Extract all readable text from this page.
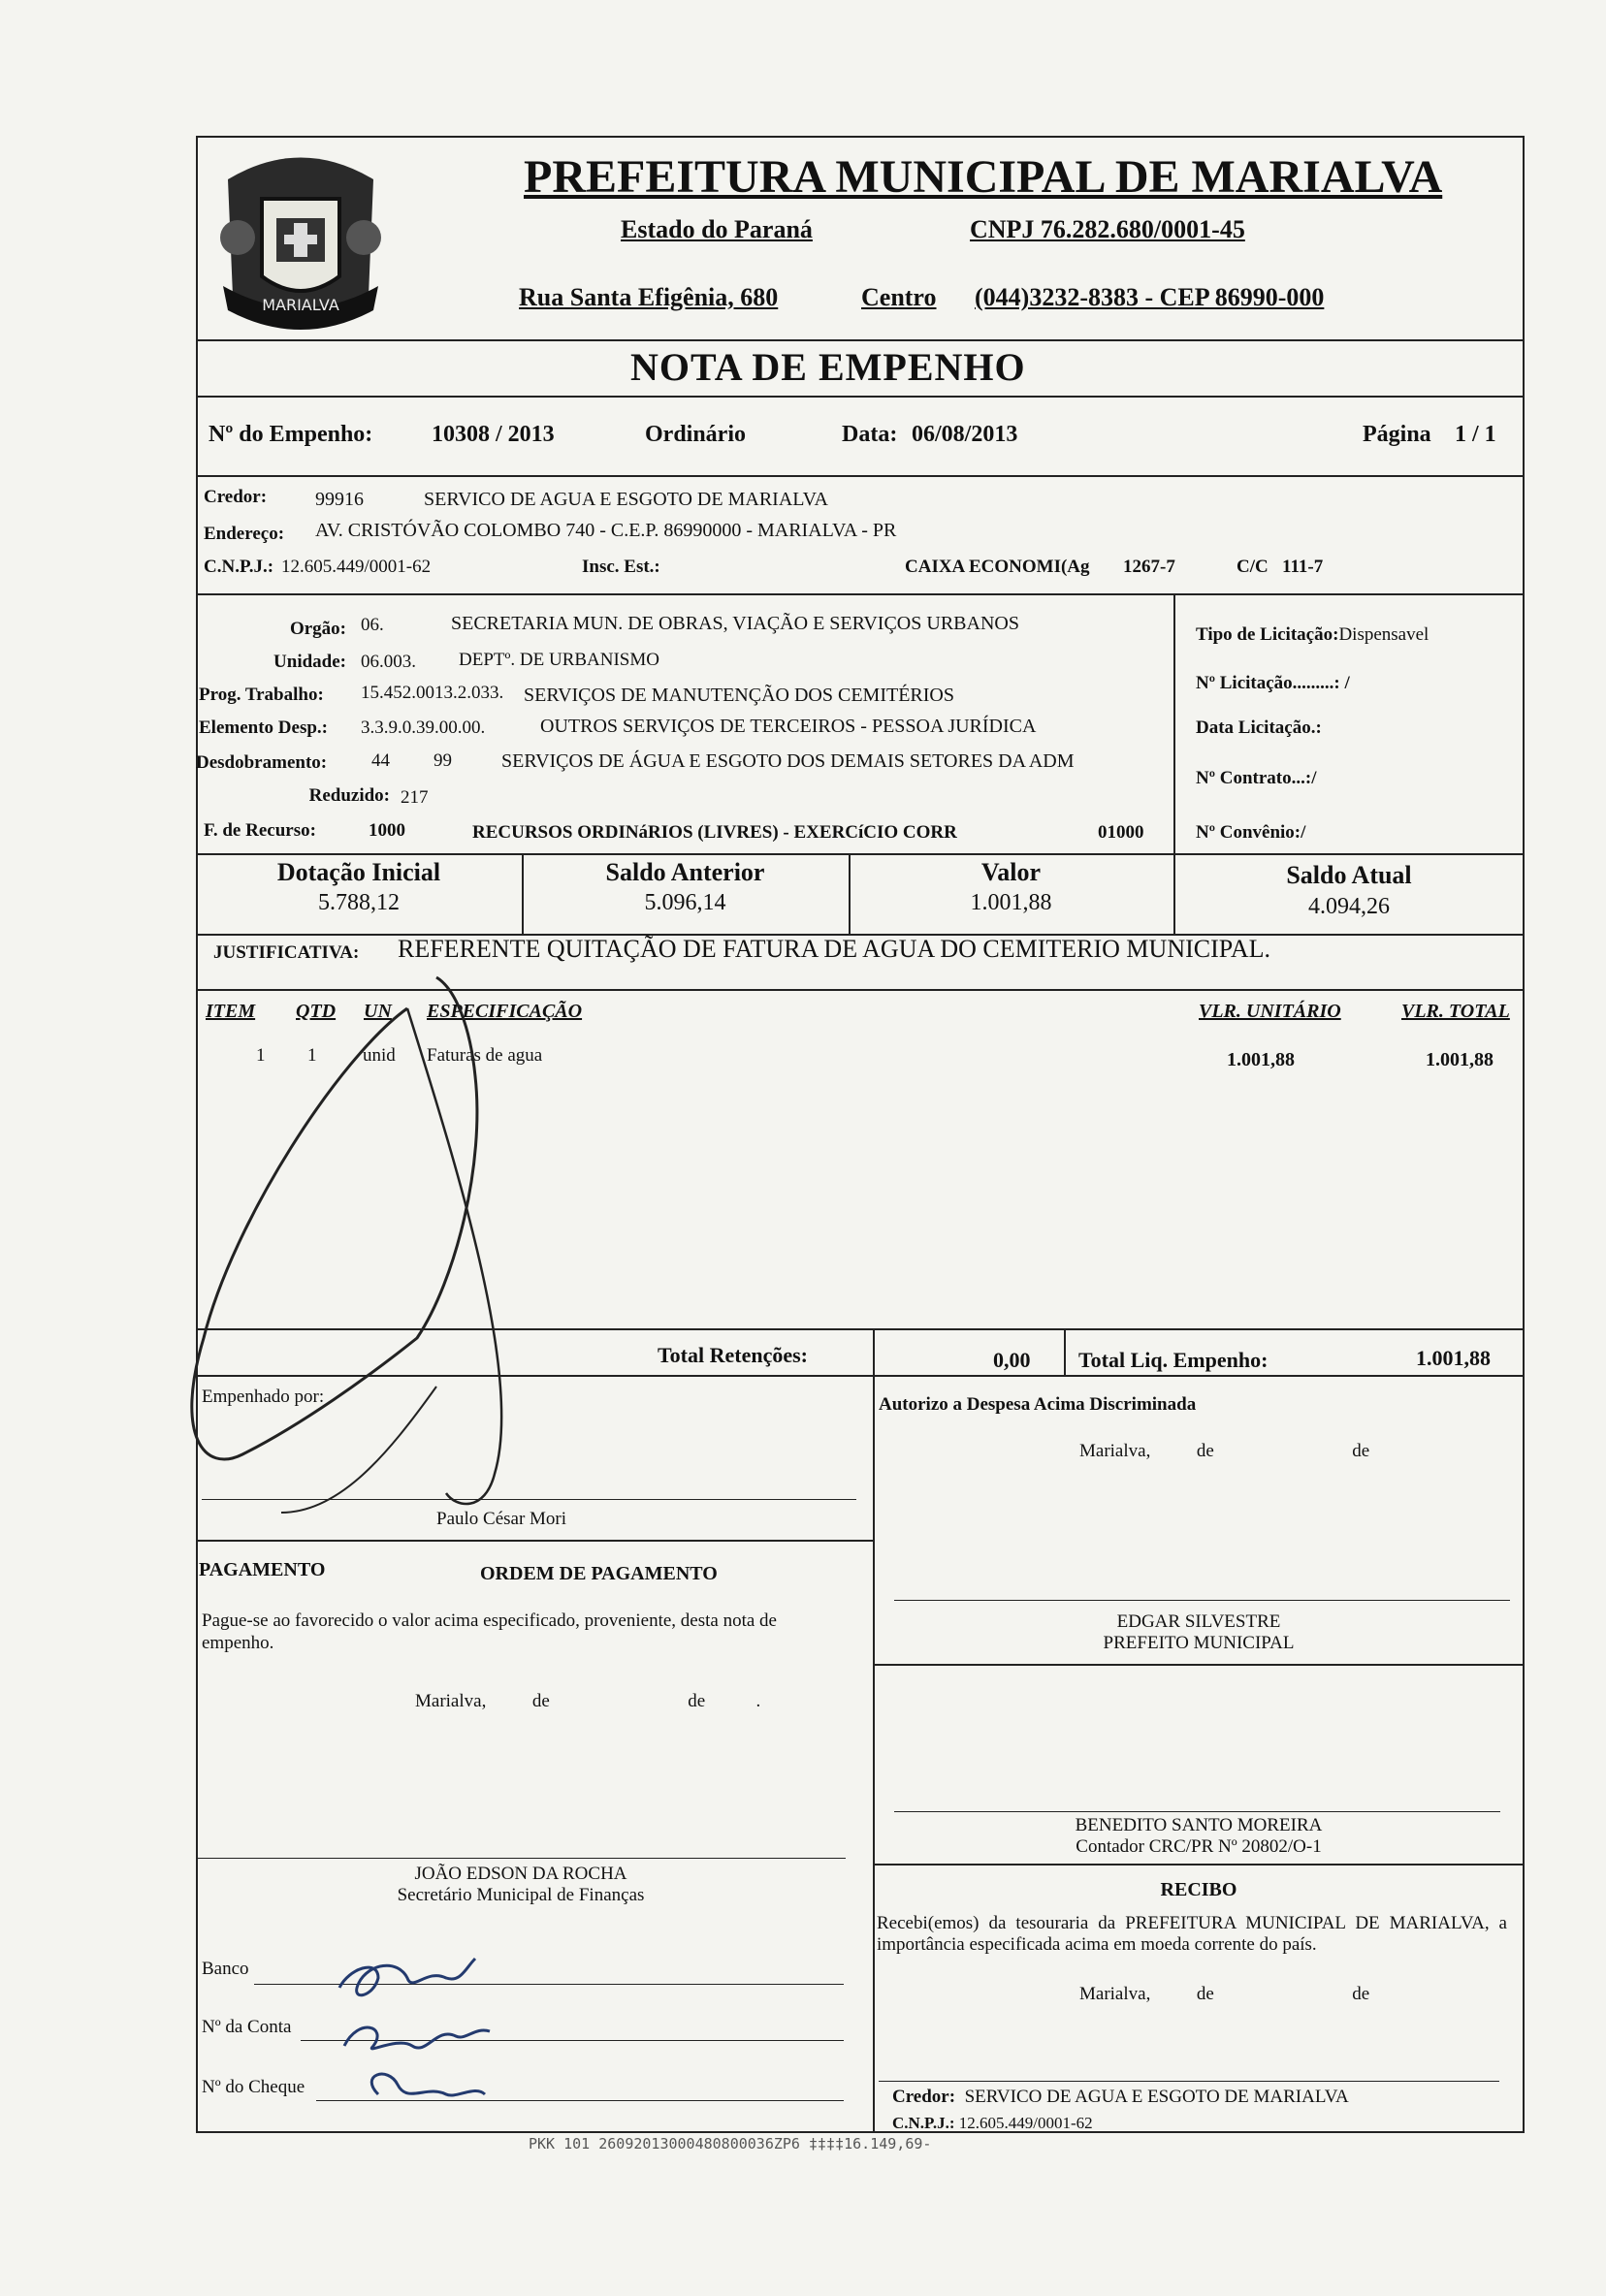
MARIALVA
PREFEITURA MUNICIPAL DE MARIALVA
Estado do Paraná	CNPJ 76.282.680/0001-45
Rua Santa Efigênia, 680	Centro (044)3232-8383 - CEP 86990-000
NOTA DE EMPENHO
Nº do Empenho:	10308 / 2013	Ordinário	Data: 06/08/2013	Página 1 / 1
Credor: 99916	SERVICO DE AGUA E ESGOTO DE MARIALVA
Endereço: AV. CRISTÓVÃO COLOMBO 740 - C.E.P. 86990000 - MARIALVA - PR
C.N.P.J.: 12.605.449/0001-62	Insc. Est.:	CAIXA ECONOMI(Ag 1267-7	C/C 111-7
Orgão: 06.	SECRETARIA MUN. DE OBRAS, VIAÇÃO E SERVIÇOS URBANOS
Unidade: 06.003. DEPTº. DE URBANISMO
Prog. Trabalho: 15.452.0013.2.033. SERVIÇOS DE MANUTENÇÃO DOS CEMITÉRIOS
Elemento Desp.: 3.3.9.0.39.00.00.	OUTROS SERVIÇOS DE TERCEIROS - PESSOA JURÍDICA
Desdobramento: 44 99	SERVIÇOS DE ÁGUA E ESGOTO DOS DEMAIS SETORES DA ADM
Reduzido: 217
F. de Recurso:	1000	RECURSOS ORDINáRIOS (LIVRES) - EXERCíCIO CORR	01000
Tipo de Licitação:Dispensavel
Nº Licitação.........: /
Data Licitação.:
Nº Contrato...:/
Nº Convênio:/
Dotação Inicial
5.788,12
Saldo Anterior
5.096,14
Valor
1.001,88
Saldo Atual
4.094,26
JUSTIFICATIVA: REFERENTE QUITAÇÃO DE FATURA DE AGUA DO CEMITERIO MUNICIPAL.
ITEM QTD UN ESPECIFICAÇÃO	VLR. UNITÁRIO	VLR. TOTAL
1 1	unid Faturas de agua	1.001,88	1.001,88
Total Retenções:	0,00 Total Liq. Empenho:	1.001,88
Empenhado por:
Paulo César Mori
PAGAMENTO	ORDEM DE PAGAMENTO
Pague-se ao favorecido o valor acima especificado, proveniente, desta nota de empenho.
Marialva,          de                              de           .
JOÃO EDSON DA ROCHA
Secretário Municipal de Finanças
Banco
Nº da Conta
Nº do Cheque
Autorizo a Despesa Acima Discriminada
Marialva,          de                              de
EDGAR SILVESTRE
PREFEITO MUNICIPAL
BENEDITO SANTO MOREIRA
Contador CRC/PR Nº 20802/O-1
RECIBO
Recebi(emos) da tesouraria da PREFEITURA MUNICIPAL DE MARIALVA, a importância especificada acima em moeda corrente do país.
Marialva,          de                              de
Credor: SERVICO DE AGUA E ESGOTO DE MARIALVA
C.N.P.J.: 12.605.449/0001-62
PKK 101 26092013000480800036ZP6 ‡‡‡‡16.149,69-
